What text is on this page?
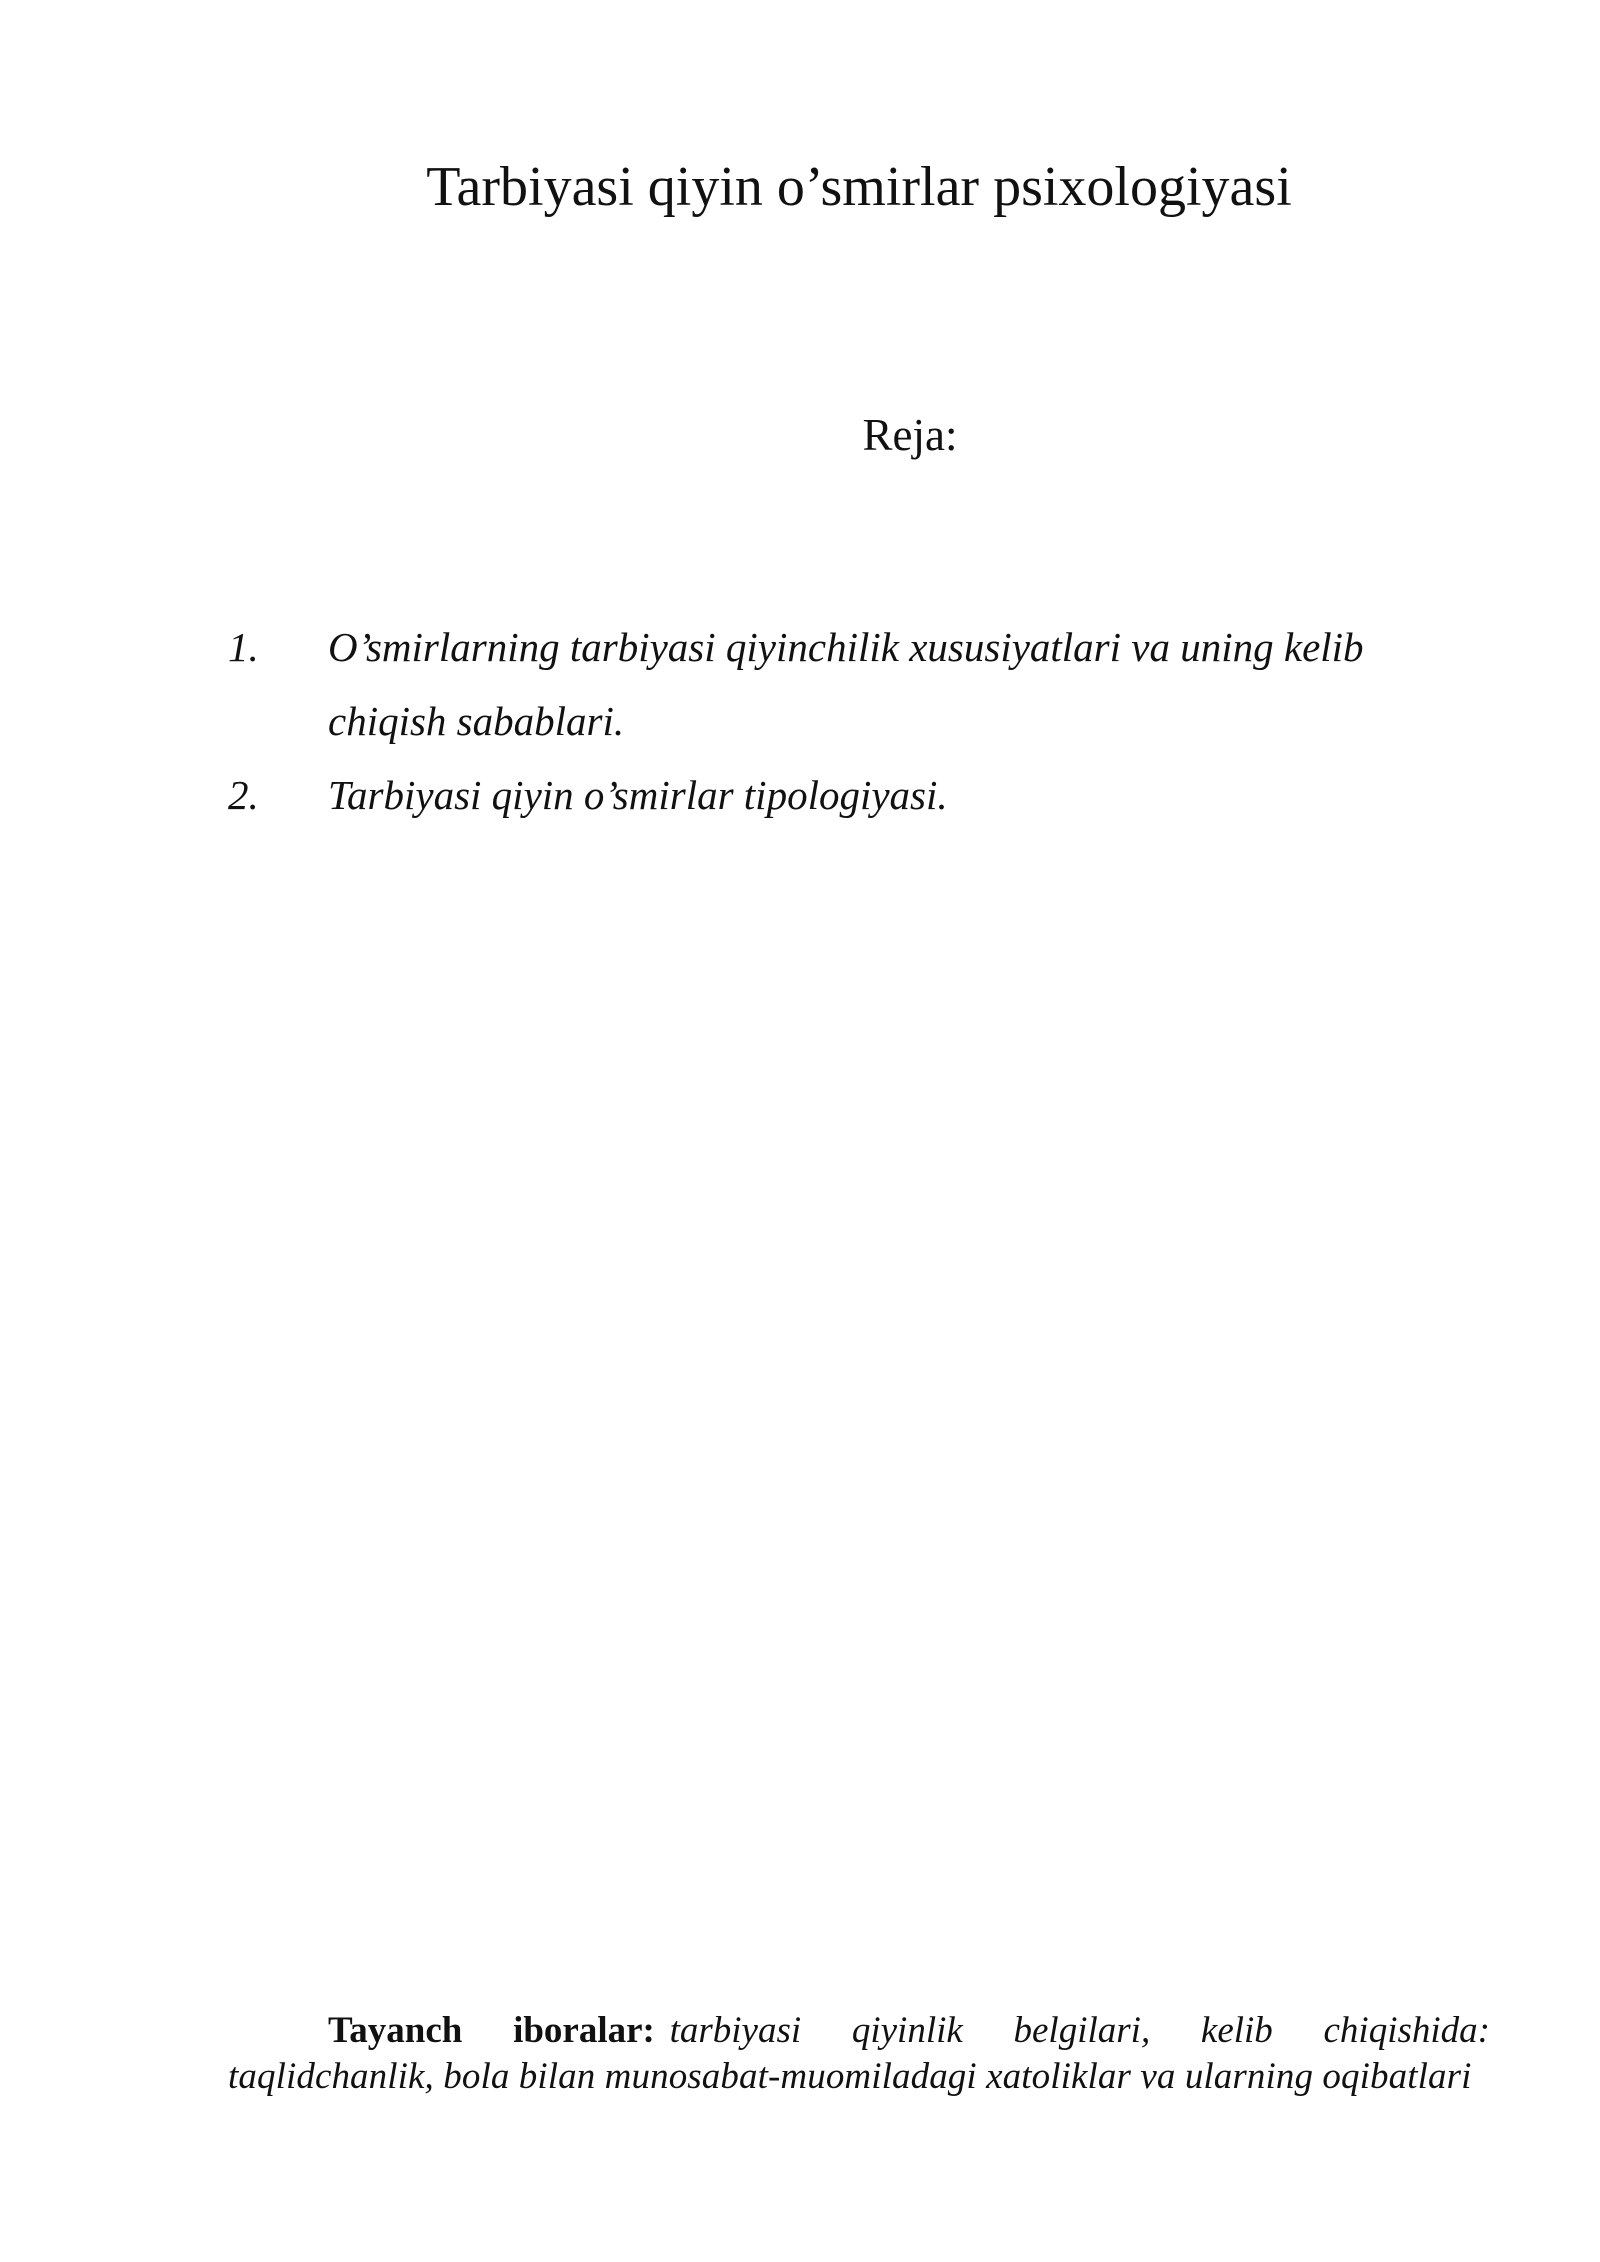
Tarbiyasi qiyin o’smirlar psixologiyasi

Reja:

1. O’smirlarning tarbiyasi qiyinchilik xususiyatlari va uning kelib chiqish sabablari.
2. Tarbiyasi qiyin o’smirlar tipologiyasi.
Tayanch iboralar: tarbiyasi qiyinlik belgilari, kelib chiqishida:
taqlidchanlik, bola bilan munosabat-muomiladagi xatoliklar va ularning oqibatlari
